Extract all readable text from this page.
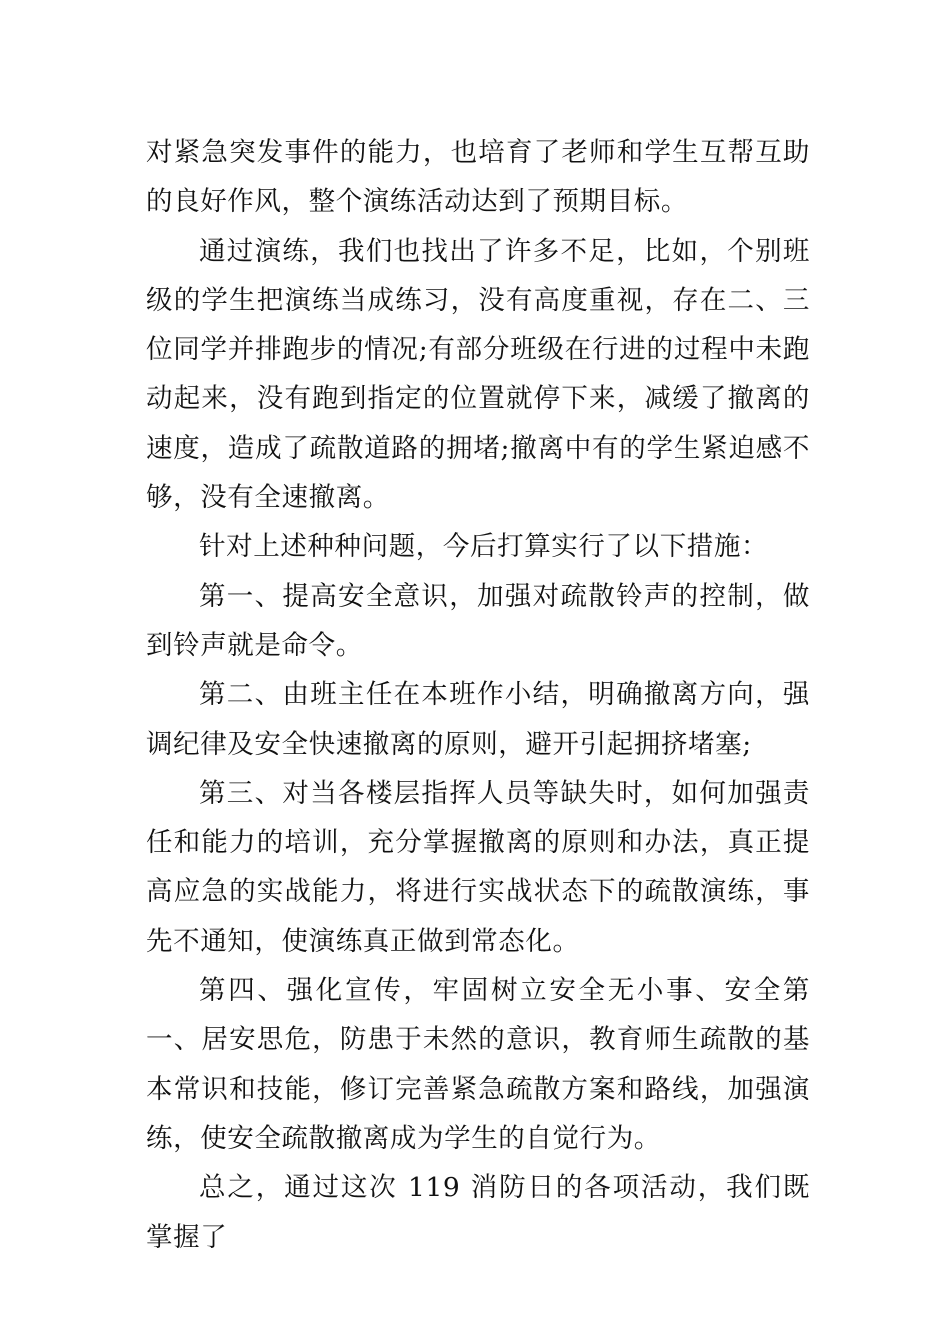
对紧急突发事件的能力，也培育了老师和学生互帮互助的良好作风，整个演练活动达到了预期目标。

通过演练，我们也找出了许多不足，比如，个别班级的学生把演练当成练习，没有高度重视，存在二、三位同学并排跑步的情况;有部分班级在行进的过程中未跑动起来，没有跑到指定的位置就停下来，减缓了撤离的速度，造成了疏散道路的拥堵;撤离中有的学生紧迫感不够，没有全速撤离。

针对上述种种问题，今后打算实行了以下措施：

第一、提高安全意识，加强对疏散铃声的控制，做到铃声就是命令。

第二、由班主任在本班作小结，明确撤离方向，强调纪律及安全快速撤离的原则，避开引起拥挤堵塞;

第三、对当各楼层指挥人员等缺失时，如何加强责任和能力的培训，充分掌握撤离的原则和办法，真正提高应急的实战能力，将进行实战状态下的疏散演练，事先不通知，使演练真正做到常态化。

第四、强化宣传，牢固树立安全无小事、安全第一、居安思危，防患于未然的意识，教育师生疏散的基本常识和技能，修订完善紧急疏散方案和路线，加强演练，使安全疏散撤离成为学生的自觉行为。

总之，通过这次 119 消防日的各项活动，我们既掌握了
